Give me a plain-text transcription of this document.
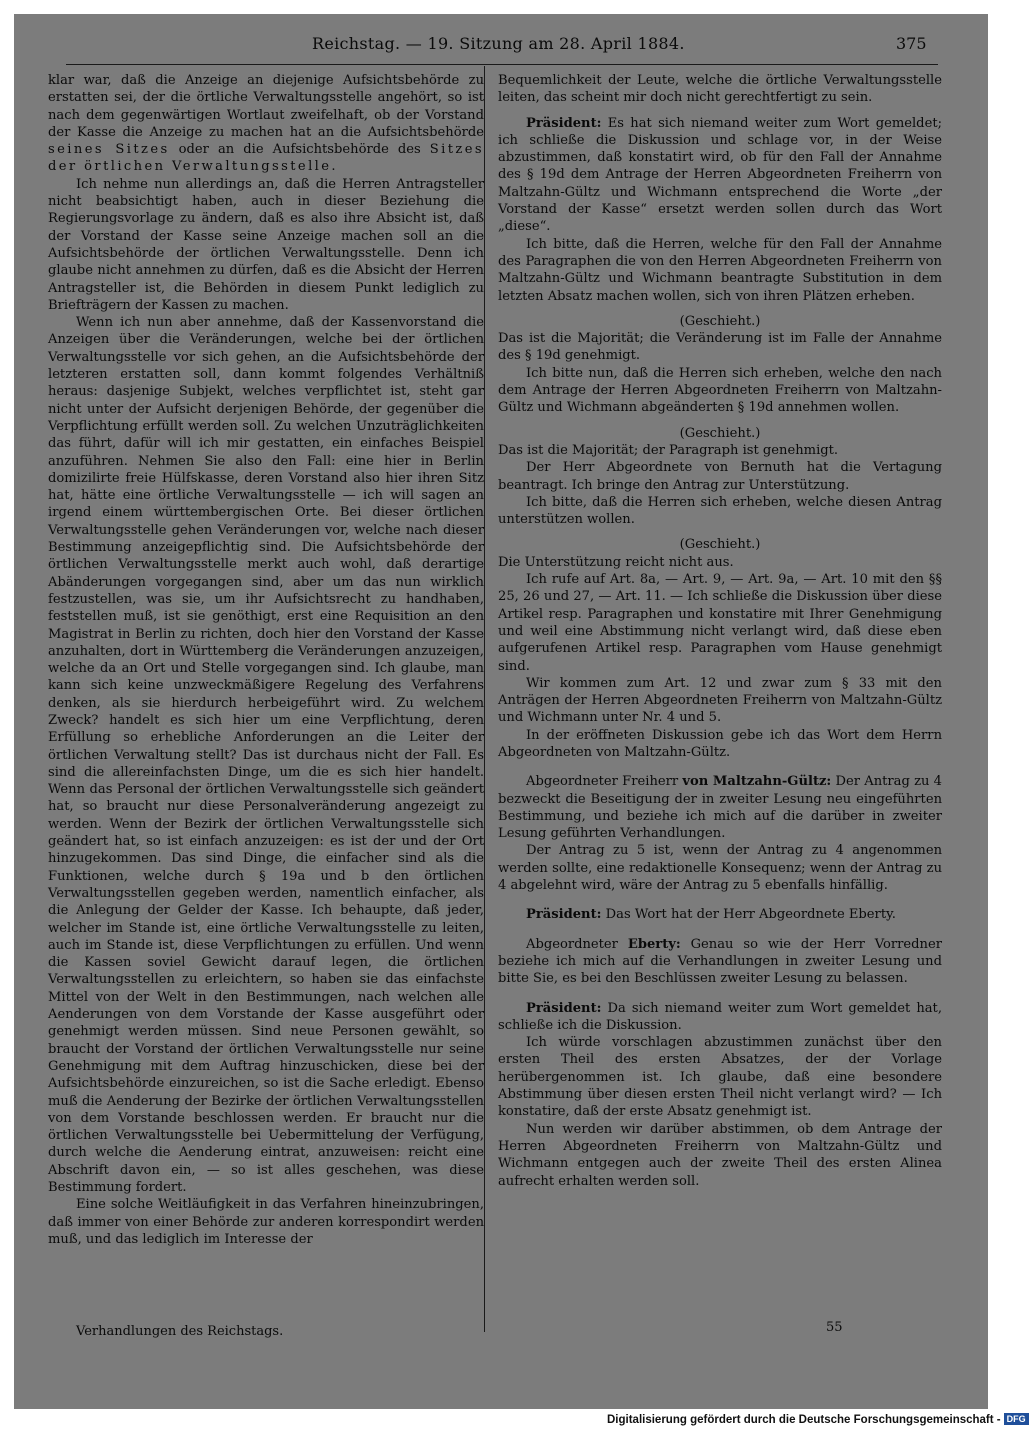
Reichstag. — 19. Sitzung am 28. April 1884.	375

klar war, daß die Anzeige an diejenige Aufsichtsbehörde zu erstatten sei, der die örtliche Verwaltungsstelle angehört, so ist nach dem gegenwärtigen Wortlaut zweifelhaft, ob der Vorstand der Kasse die Anzeige zu machen hat an die Aufsichtsbehörde seines Sitzes oder an die Aufsichtsbehörde des Sitzes der örtlichen Verwaltungsstelle.

Ich nehme nun allerdings an, daß die Herren Antragsteller nicht beabsichtigt haben, auch in dieser Beziehung die Regierungsvorlage zu ändern, daß es also ihre Absicht ist, daß der Vorstand der Kasse seine Anzeige machen soll an die Aufsichtsbehörde der örtlichen Verwaltungsstelle. Denn ich glaube nicht annehmen zu dürfen, daß es die Absicht der Herren Antragsteller ist, die Behörden in diesem Punkt lediglich zu Briefträgern der Kassen zu machen.

Wenn ich nun aber annehme, daß der Kassenvorstand die Anzeigen über die Veränderungen, welche bei der örtlichen Verwaltungsstelle vor sich gehen, an die Aufsichtsbehörde der letzteren erstatten soll, dann kommt folgendes Verhältniß heraus: dasjenige Subjekt, welches verpflichtet ist, steht gar nicht unter der Aufsicht derjenigen Behörde, der gegenüber die Verpflichtung erfüllt werden soll. Zu welchen Unzuträglichkeiten das führt, dafür will ich mir gestatten, ein einfaches Beispiel anzuführen. Nehmen Sie also den Fall: eine hier in Berlin domizilirte freie Hülfskasse, deren Vorstand also hier ihren Sitz hat, hätte eine örtliche Verwaltungsstelle — ich will sagen an irgend einem württembergischen Orte. Bei dieser örtlichen Verwaltungsstelle gehen Veränderungen vor, welche nach dieser Bestimmung anzeigepflichtig sind. Die Aufsichtsbehörde der örtlichen Verwaltungsstelle merkt auch wohl, daß derartige Abänderungen vorgegangen sind, aber um das nun wirklich festzustellen, was sie, um ihr Aufsichtsrecht zu handhaben, feststellen muß, ist sie genöthigt, erst eine Requisition an den Magistrat in Berlin zu richten, doch hier den Vorstand der Kasse anzuhalten, dort in Württemberg die Veränderungen anzuzeigen, welche da an Ort und Stelle vorgegangen sind. Ich glaube, man kann sich keine unzweckmäßigere Regelung des Verfahrens denken, als sie hierdurch herbeigeführt wird. Zu welchem Zweck? handelt es sich hier um eine Verpflichtung, deren Erfüllung so erhebliche Anforderungen an die Leiter der örtlichen Verwaltung stellt? Das ist durchaus nicht der Fall. Es sind die allereinfachsten Dinge, um die es sich hier handelt. Wenn das Personal der örtlichen Verwaltungsstelle sich geändert hat, so braucht nur diese Personalveränderung angezeigt zu werden. Wenn der Bezirk der örtlichen Verwaltungsstelle sich geändert hat, so ist einfach anzuzeigen: es ist der und der Ort hinzugekommen. Das sind Dinge, die einfacher sind als die Funktionen, welche durch § 19a und b den örtlichen Verwaltungsstellen gegeben werden, namentlich einfacher, als die Anlegung der Gelder der Kasse. Ich behaupte, daß jeder, welcher im Stande ist, eine örtliche Verwaltungsstelle zu leiten, auch im Stande ist, diese Verpflichtungen zu erfüllen. Und wenn die Kassen soviel Gewicht darauf legen, die örtlichen Verwaltungsstellen zu erleichtern, so haben sie das einfachste Mittel von der Welt in den Bestimmungen, nach welchen alle Aenderungen von dem Vorstande der Kasse ausgeführt oder genehmigt werden müssen. Sind neue Personen gewählt, so braucht der Vorstand der örtlichen Verwaltungsstelle nur seine Genehmigung mit dem Auftrag hinzuschicken, diese bei der Aufsichtsbehörde einzureichen, so ist die Sache erledigt. Ebenso muß die Aenderung der Bezirke der örtlichen Verwaltungsstellen von dem Vorstande beschlossen werden. Er braucht nur die örtlichen Verwaltungsstelle bei Uebermittelung der Verfügung, durch welche die Aenderung eintrat, anzuweisen: reicht eine Abschrift davon ein, — so ist alles geschehen, was diese Bestimmung fordert.

Eine solche Weitläufigkeit in das Verfahren hineinzubringen, daß immer von einer Behörde zur anderen korrespondirt werden muß, und das lediglich im Interesse der

Bequemlichkeit der Leute, welche die örtliche Verwaltungsstelle leiten, das scheint mir doch nicht gerechtfertigt zu sein.

Präsident: Es hat sich niemand weiter zum Wort gemeldet; ich schließe die Diskussion und schlage vor, in der Weise abzustimmen, daß konstatirt wird, ob für den Fall der Annahme des § 19d dem Antrage der Herren Abgeordneten Freiherrn von Maltzahn-Gültz und Wichmann entsprechend die Worte „der Vorstand der Kasse“ ersetzt werden sollen durch das Wort „diese“.

Ich bitte, daß die Herren, welche für den Fall der Annahme des Paragraphen die von den Herren Abgeordneten Freiherrn von Maltzahn-Gültz und Wichmann beantragte Substitution in dem letzten Absatz machen wollen, sich von ihren Plätzen erheben.

(Geschieht.)

Das ist die Majorität; die Veränderung ist im Falle der Annahme des § 19d genehmigt.

Ich bitte nun, daß die Herren sich erheben, welche den nach dem Antrage der Herren Abgeordneten Freiherrn von Maltzahn-Gültz und Wichmann abgeänderten § 19d annehmen wollen.

(Geschieht.)

Das ist die Majorität; der Paragraph ist genehmigt.

Der Herr Abgeordnete von Bernuth hat die Vertagung beantragt. Ich bringe den Antrag zur Unterstützung.

Ich bitte, daß die Herren sich erheben, welche diesen Antrag unterstützen wollen.

(Geschieht.)

Die Unterstützung reicht nicht aus.

Ich rufe auf Art. 8a, — Art. 9, — Art. 9a, — Art. 10 mit den §§ 25, 26 und 27, — Art. 11. — Ich schließe die Diskussion über diese Artikel resp. Paragraphen und konstatire mit Ihrer Genehmigung und weil eine Abstimmung nicht verlangt wird, daß diese eben aufgerufenen Artikel resp. Paragraphen vom Hause genehmigt sind.

Wir kommen zum Art. 12 und zwar zum § 33 mit den Anträgen der Herren Abgeordneten Freiherrn von Maltzahn-Gültz und Wichmann unter Nr. 4 und 5.

In der eröffneten Diskussion gebe ich das Wort dem Herrn Abgeordneten von Maltzahn-Gültz.

Abgeordneter Freiherr von Maltzahn-Gültz: Der Antrag zu 4 bezweckt die Beseitigung der in zweiter Lesung neu eingeführten Bestimmung, und beziehe ich mich auf die darüber in zweiter Lesung geführten Verhandlungen.

Der Antrag zu 5 ist, wenn der Antrag zu 4 angenommen werden sollte, eine redaktionelle Konsequenz; wenn der Antrag zu 4 abgelehnt wird, wäre der Antrag zu 5 ebenfalls hinfällig.

Präsident: Das Wort hat der Herr Abgeordnete Eberty.

Abgeordneter Eberty: Genau so wie der Herr Vorredner beziehe ich mich auf die Verhandlungen in zweiter Lesung und bitte Sie, es bei den Beschlüssen zweiter Lesung zu belassen.

Präsident: Da sich niemand weiter zum Wort gemeldet hat, schließe ich die Diskussion.

Ich würde vorschlagen abzustimmen zunächst über den ersten Theil des ersten Absatzes, der der Vorlage herübergenommen ist. Ich glaube, daß eine besondere Abstimmung über diesen ersten Theil nicht verlangt wird? — Ich konstatire, daß der erste Absatz genehmigt ist.

Nun werden wir darüber abstimmen, ob dem Antrage der Herren Abgeordneten Freiherrn von Maltzahn-Gültz und Wichmann entgegen auch der zweite Theil des ersten Alinea aufrecht erhalten werden soll.

Verhandlungen des Reichstags.	55
Digitalisierung gefördert durch die Deutsche Forschungsgemeinschaft - DFG
